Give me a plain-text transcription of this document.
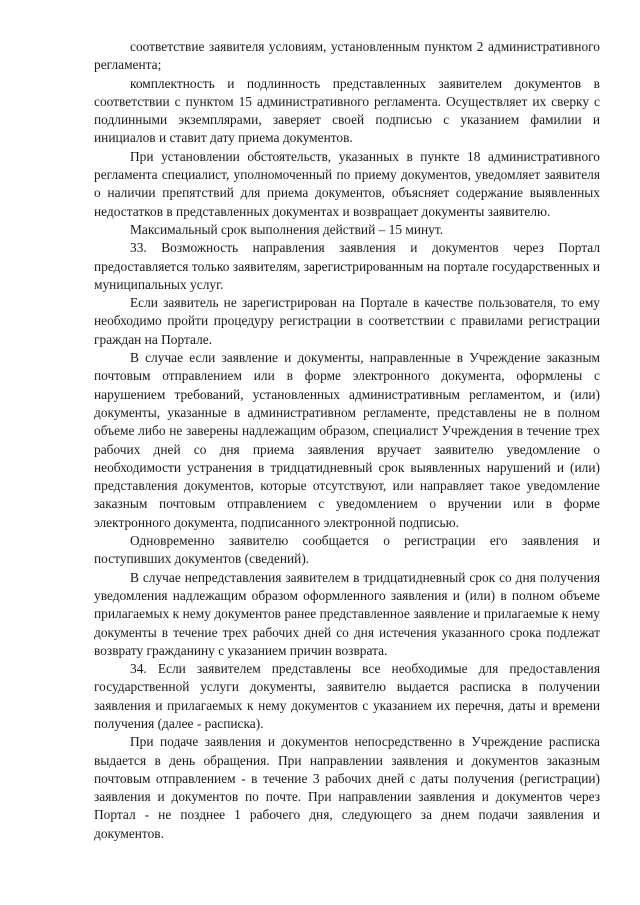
соответствие заявителя условиям, установленным пунктом 2 административного регламента;

комплектность и подлинность представленных заявителем документов в соответствии с пунктом 15 административного регламента. Осуществляет их сверку с подлинными экземплярами, заверяет своей подписью с указанием фамилии и инициалов и ставит дату приема документов.

При установлении обстоятельств, указанных в пункте 18 административного регламента специалист, уполномоченный по приему документов, уведомляет заявителя о наличии препятствий для приема документов, объясняет содержание выявленных недостатков в представленных документах и возвращает документы заявителю.

Максимальный срок выполнения действий – 15 минут.

33. Возможность направления заявления и документов через Портал предоставляется только заявителям, зарегистрированным на портале государственных и муниципальных услуг.

Если заявитель не зарегистрирован на Портале в качестве пользователя, то ему необходимо пройти процедуру регистрации в соответствии с правилами регистрации граждан на Портале.

В случае если заявление и документы, направленные в Учреждение заказным почтовым отправлением или в форме электронного документа, оформлены с нарушением требований, установленных административным регламентом, и (или) документы, указанные в административном регламенте, представлены не в полном объеме либо не заверены надлежащим образом, специалист Учреждения в течение трех рабочих дней со дня приема заявления вручает заявителю уведомление о необходимости устранения в тридцатидневный срок выявленных нарушений и (или) представления документов, которые отсутствуют, или направляет такое уведомление заказным почтовым отправлением с уведомлением о вручении или в форме электронного документа, подписанного электронной подписью.

Одновременно заявителю сообщается о регистрации его заявления и поступивших документов (сведений).

В случае непредставления заявителем в тридцатидневный срок со дня получения уведомления надлежащим образом оформленного заявления и (или) в полном объеме прилагаемых к нему документов ранее представленное заявление и прилагаемые к нему документы в течение трех рабочих дней со дня истечения указанного срока подлежат возврату гражданину с указанием причин возврата.

34. Если заявителем представлены все необходимые для предоставления государственной услуги документы, заявителю выдается расписка в получении заявления и прилагаемых к нему документов с указанием их перечня, даты и времени получения (далее - расписка).

При подаче заявления и документов непосредственно в Учреждение расписка выдается в день обращения. При направлении заявления и документов заказным почтовым отправлением - в течение 3 рабочих дней с даты получения (регистрации) заявления и документов по почте. При направлении заявления и документов через Портал - не позднее 1 рабочего дня, следующего за днем подачи заявления и документов.
